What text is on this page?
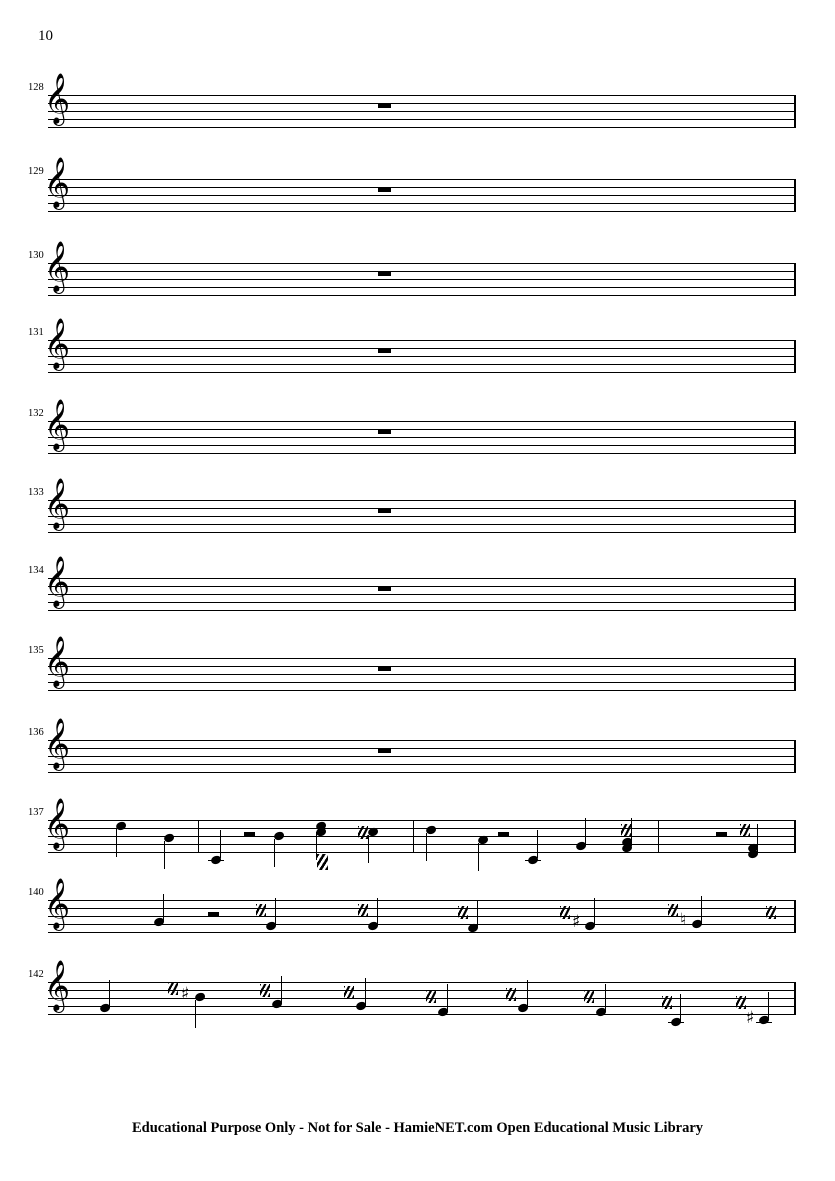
10
128 𝄞
129 𝄞
130 𝄞
131 𝄞
132 𝄞
133 𝄞
134 𝄞
135 𝄞
136 𝄞
137 𝄞
140 𝄞	♯	♮
142 𝄞	♯
♯
Educational Purpose Only - Not for Sale - HamieNET.com Open Educational Music Library
